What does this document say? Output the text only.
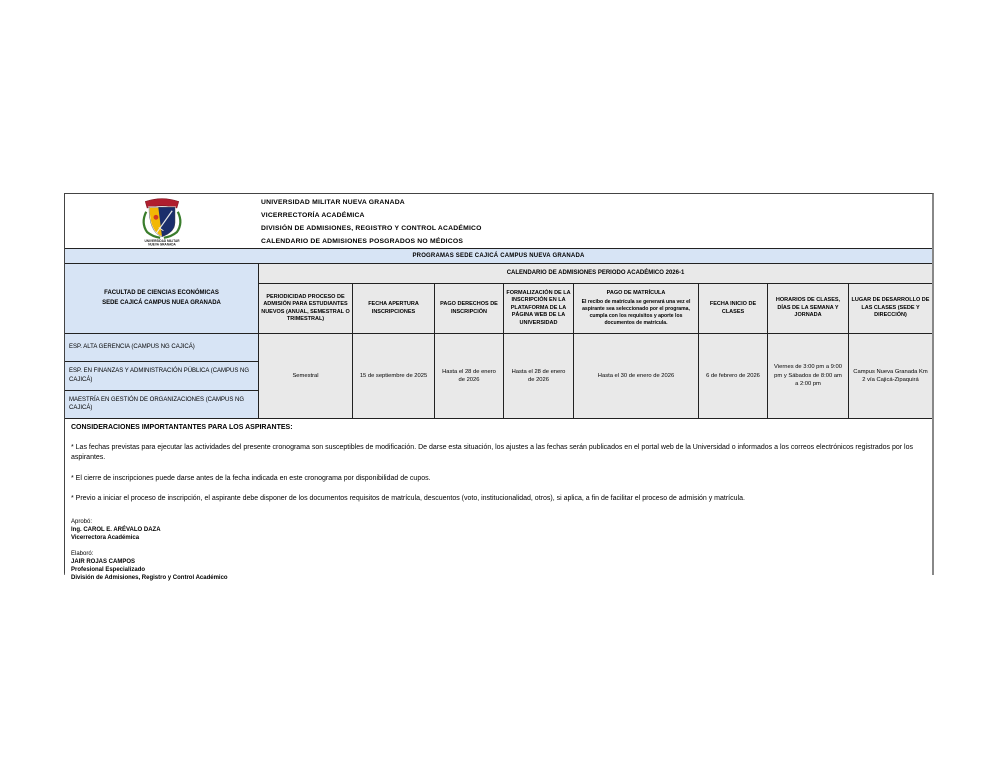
UNIVERSIDAD MILITAR
NUEVA GRANADA
UNIVERSIDAD MILITAR NUEVA GRANADA
VICERRECTORÍA ACADÉMICA
DIVISIÓN DE ADMISIONES, REGISTRO Y CONTROL ACADÉMICO
CALENDARIO DE ADMISIONES POSGRADOS NO MÉDICOS
PROGRAMAS SEDE CAJICÁ CAMPUS NUEVA GRANADA
FACULTAD DE CIENCIAS ECONÓMICAS
SEDE CAJICÁ CAMPUS NUEA GRANADA
CALENDARIO DE ADMISIONES PERIODO ACADÉMICO 2026-1
PERIODICIDAD PROCESO DE ADMISIÓN PARA ESTUDIANTES NUEVOS (ANUAL, SEMESTRAL O TRIMESTRAL)
FECHA APERTURA INSCRIPCIONES
PAGO DERECHOS DE INSCRIPCIÓN
FORMALIZACIÓN DE LA INSCRIPCIÓN EN LA PLATAFORMA DE LA PÁGINA WEB DE LA UNIVERSIDAD
PAGO DE MATRÍCULA
El recibo de matrícula se generará una vez el aspirante sea seleccionado por el programa, cumpla con los requisitos y aporte los documentos de matrícula.
FECHA INICIO DE CLASES
HORARIOS DE CLASES, DÍAS DE LA SEMANA Y JORNADA
LUGAR DE DESARROLLO DE LAS CLASES (SEDE Y DIRECCIÓN)
ESP. ALTA GERENCIA (CAMPUS NG CAJICÁ)
ESP. EN FINANZAS Y ADMINISTRACIÓN PÚBLICA (CAMPUS NG CAJICÁ)
MAESTRÍA EN GESTIÓN DE ORGANIZACIONES (CAMPUS NG CAJICÁ)
Semestral	15 de septiembre de 2025
Hasta el 28 de enero de 2026
Hasta el 28 de enero de 2026
Hasta el 30 de enero de 2026	6 de febrero de 2026
Viernes de 3:00 pm a 9:00 pm y Sábados de 8:00 am a 2:00 pm
Campus Nueva Granada Km 2 vía Cajicá-Zipaquirá
CONSIDERACIONES IMPORTANTANTES PARA LOS ASPIRANTES:

* Las fechas previstas para ejecutar las actividades del presente cronograma son susceptibles de modificación. De darse esta situación, los ajustes a las fechas serán publicados en el portal web de la Universidad o informados a los correos electrónicos registrados por los aspirantes.

* El cierre de inscripciones puede darse antes de la fecha indicada en este cronograma por disponibilidad de cupos.

* Previo a iniciar el proceso de inscripción, el aspirante debe disponer de los documentos requisitos de matrícula, descuentos (voto, institucionalidad, otros), si aplica, a fin de facilitar el proceso de admisión y matrícula.

Aprobó:
Ing. CAROL E. ARÉVALO DAZA
Vicerrectora Académica
Elaboró:
JAIR ROJAS CAMPOS
Profesional Especializado
División de Admisiones, Registro y Control Académico
